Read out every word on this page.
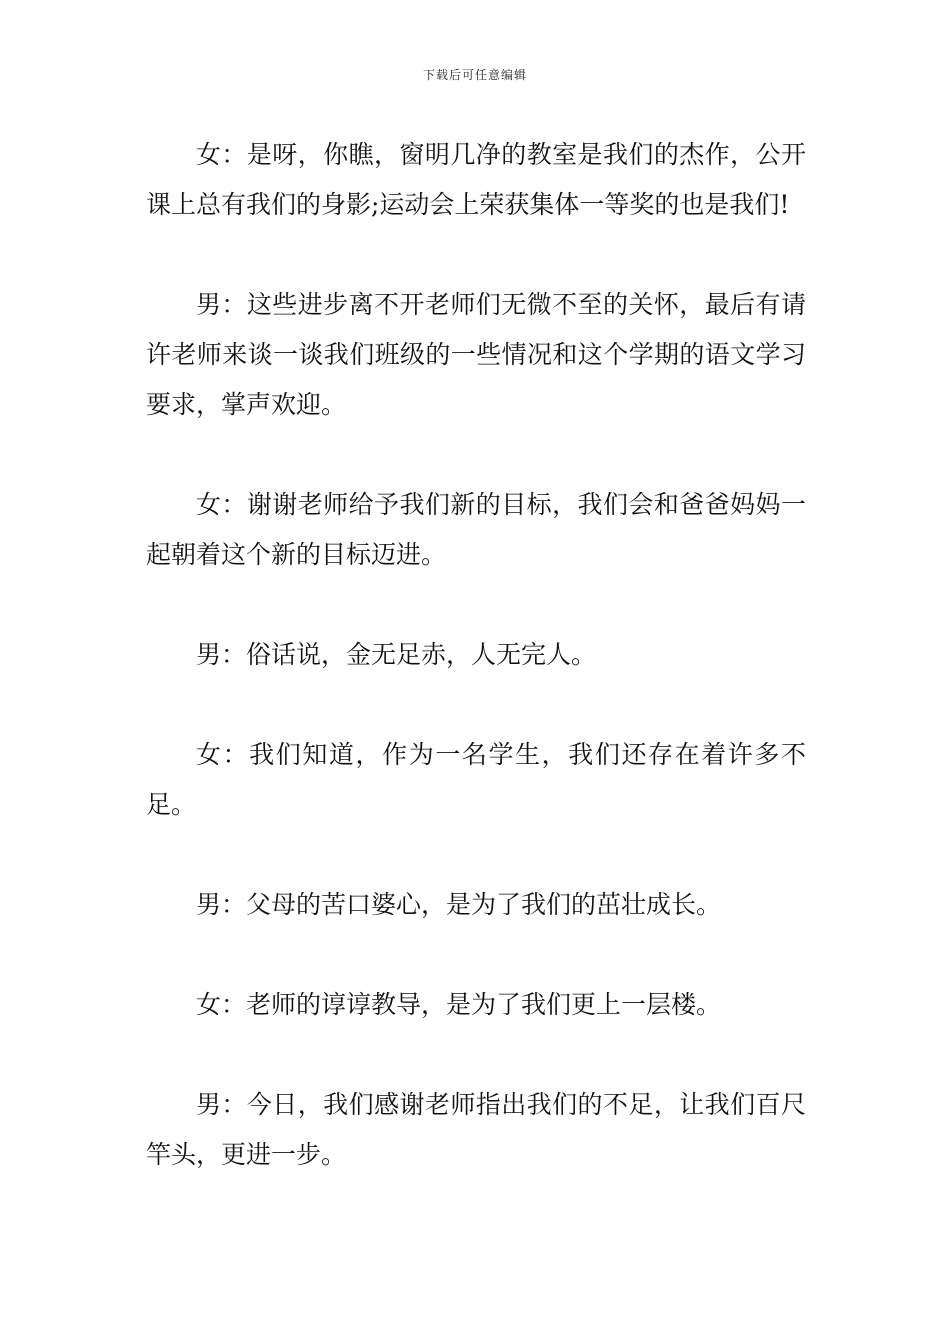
下载后可任意编辑

女：是呀，你瞧，窗明几净的教室是我们的杰作，公开课上总有我们的身影;运动会上荣获集体一等奖的也是我们!

男：这些进步离不开老师们无微不至的关怀，最后有请许老师来谈一谈我们班级的一些情况和这个学期的语文学习要求，掌声欢迎。

女：谢谢老师给予我们新的目标，我们会和爸爸妈妈一起朝着这个新的目标迈进。

男：俗话说，金无足赤，人无完人。

女：我们知道，作为一名学生，我们还存在着许多不足。

男：父母的苦口婆心，是为了我们的茁壮成长。

女：老师的谆谆教导，是为了我们更上一层楼。

男：今日，我们感谢老师指出我们的不足，让我们百尺竿头，更进一步。
